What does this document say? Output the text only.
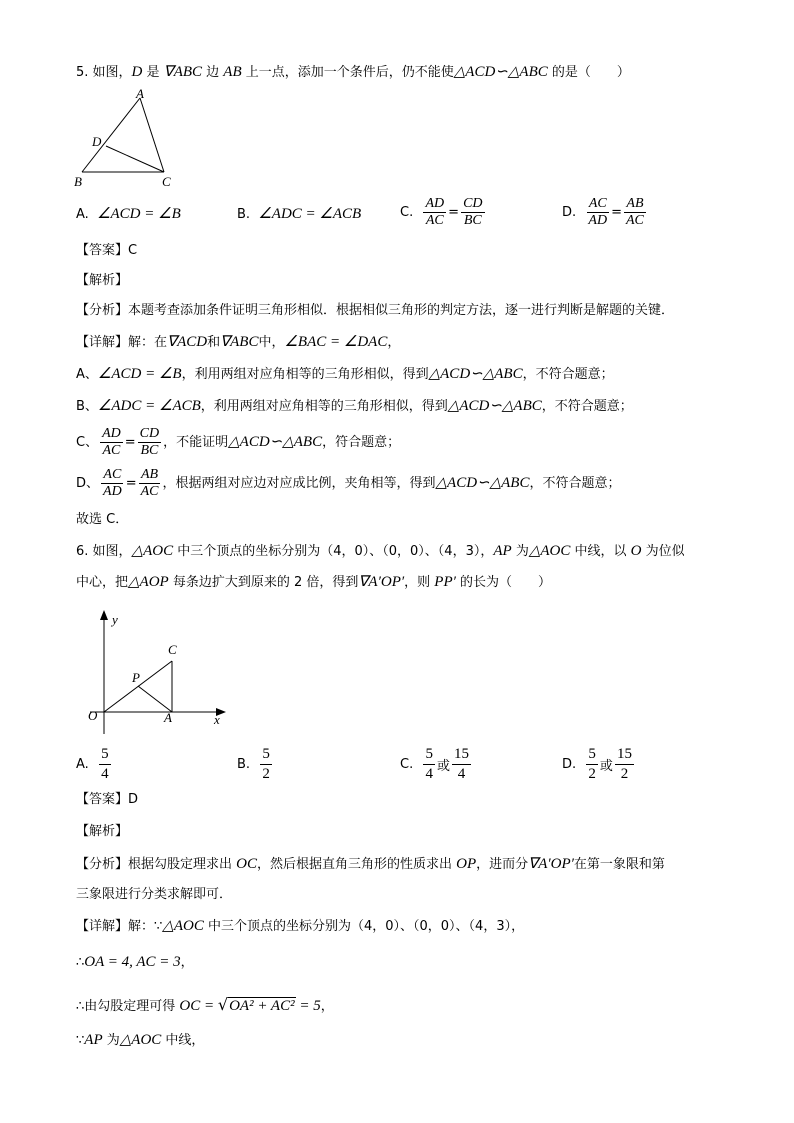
5. 如图，D 是 ∇ABC 边 AB 上一点，添加一个条件后，仍不能使△ACD∽△ABC 的是（　　）
A
D
B	C
A. ∠ACD = ∠B	B. ∠ADC = ∠ACB	C. $\frac{AD}{AC} = \frac{CD}{BC}$	D. $\frac{AC}{AD} = \frac{AB}{AC}$
【答案】C
【解析】
【分析】本题考查添加条件证明三角形相似．根据相似三角形的判定方法，逐一进行判断是解题的关键．
【详解】解：在∇ACD和∇ABC中，∠BAC = ∠DAC，
A、∠ACD = ∠B，利用两组对应角相等的三角形相似，得到△ACD∽△ABC，不符合题意；
B、∠ADC = ∠ACB，利用两组对应角相等的三角形相似，得到△ACD∽△ABC，不符合题意；
C、 $\frac{AD}{AC} = \frac{CD}{BC}$ ，不能证明△ACD∽△ABC，符合题意；
D、 $\frac{AC}{AD} = \frac{AB}{AC}$ ，根据两组对应边对应成比例，夹角相等，得到△ACD∽△ABC，不符合题意；
故选 C．
6. 如图，△AOC 中三个顶点的坐标分别为（4，0）、（0，0）、（4，3），AP 为△AOC 中线，以 O 为位似
中心，把△AOP 每条边扩大到原来的 2 倍，得到∇A′OP′，则 PP′ 的长为（　　）
y
x
O	A
C
P
A. $\frac{5}{4}$	B. $\frac{5}{2}$	C. $\frac{5}{4}$ 或 $\frac{15}{4}$	D. $\frac{5}{2}$ 或 $\frac{15}{2}$
【答案】D
【解析】
【分析】根据勾股定理求出 OC，然后根据直角三角形的性质求出 OP，进而分∇A′OP′在第一象限和第
三象限进行分类求解即可．
【详解】解：∵△AOC 中三个顶点的坐标分别为（4，0）、（0，0）、（4，3），
∴OA = 4, AC = 3，
∴由勾股定理可得 OC = √OA² + AC² = 5，
∵AP 为△AOC 中线，
